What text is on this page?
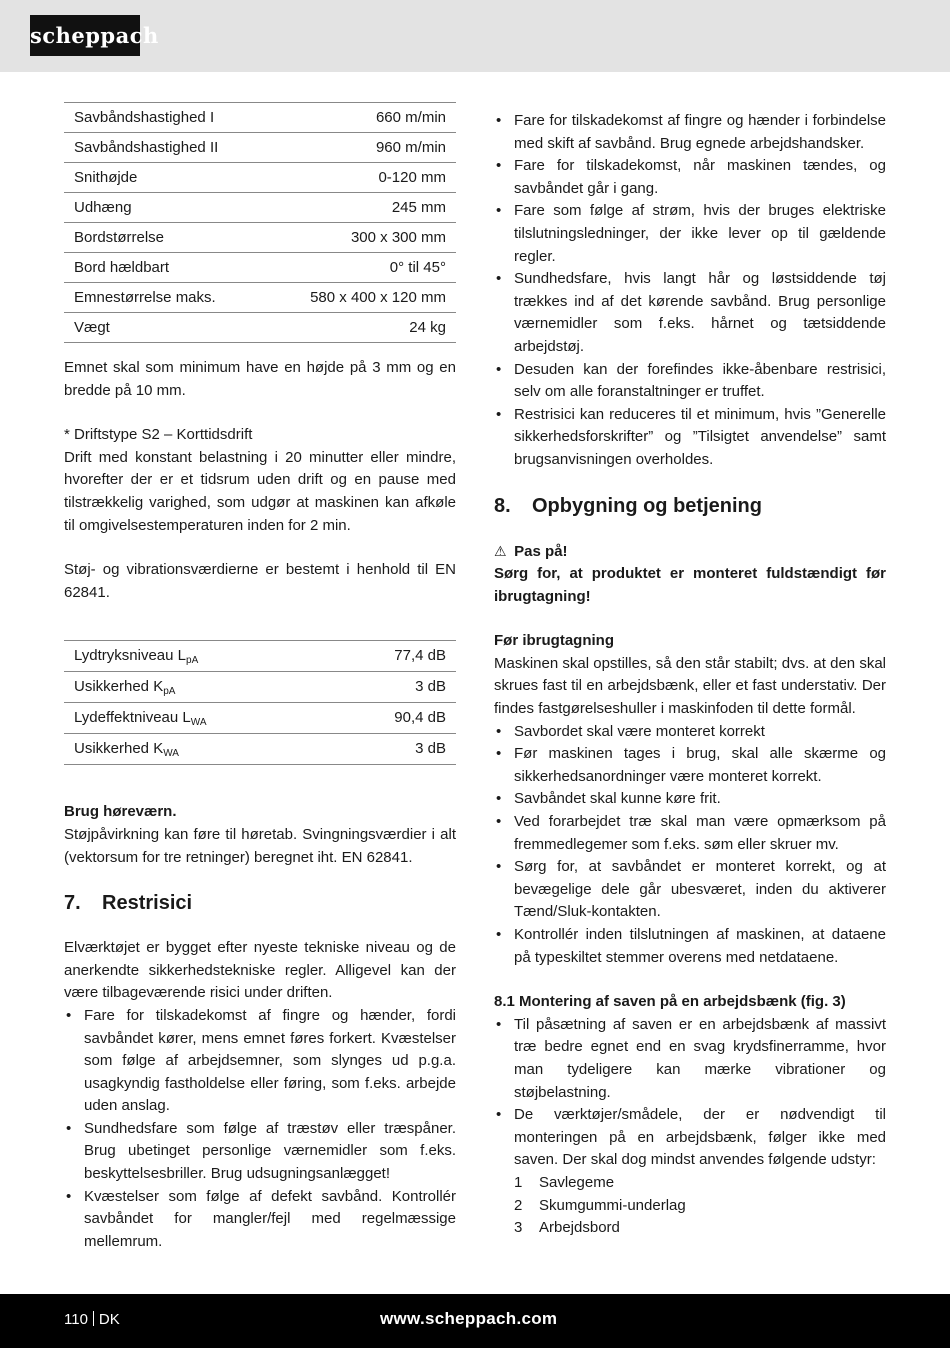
scheppach
Savbåndshastighed I	660 m/min
Savbåndshastighed II	960 m/min
Snithøjde	0-120 mm
Udhæng	245 mm
Bordstørrelse	300 x 300 mm
Bord hældbart	0° til 45°
Emnestørrelse maks.	580 x 400 x 120 mm
Vægt	24 kg

Emnet skal som minimum have en højde på 3 mm og en bredde på 10 mm.

* Driftstype S2 – Korttidsdrift

Drift med konstant belastning i 20 minutter eller mindre, hvorefter der er et tidsrum uden drift og en pause med tilstrækkelig varighed, som udgør at maskinen kan afkøle til omgivelsestemperaturen inden for 2 min.

Støj- og vibrationsværdierne er bestemt i henhold til EN 62841.

Lydtryksniveau $L_{pA}$	77,4 dB
Usikkerhed $K_{pA}$	3 dB
Lydeffektniveau $L_{WA}$	90,4 dB
Usikkerhed $K_{WA}$	3 dB

Brug høreværn.

Støjpåvirkning kan føre til høretab. Svingningsværdier i alt (vektorsum for tre retninger) beregnet iht. EN 62841.

7. Restrisici

Elværktøjet er bygget efter nyeste tekniske niveau og de anerkendte sikkerhedstekniske regler. Alligevel kan der være tilbageværende risici under driften.

• Fare for tilskadekomst af fingre og hænder, fordi savbåndet kører, mens emnet føres forkert. Kvæstelser som følge af arbejdsemner, som slynges ud p.g.a. usagkyndig fastholdelse eller føring, som f.eks. arbejde uden anslag.
• Sundhedsfare som følge af træstøv eller træspåner. Brug ubetinget personlige værnemidler som f.eks. beskyttelsesbriller. Brug udsugningsanlægget!
• Kvæstelser som følge af defekt savbånd. Kontrollér savbåndet for mangler/fejl med regelmæssige mellemrum.
• Fare for tilskadekomst af fingre og hænder i forbindelse med skift af savbånd. Brug egnede arbejdshandsker.
• Fare for tilskadekomst, når maskinen tændes, og savbåndet går i gang.
• Fare som følge af strøm, hvis der bruges elektriske tilslutningsledninger, der ikke lever op til gældende regler.
• Sundhedsfare, hvis langt hår og løstsiddende tøj trækkes ind af det kørende savbånd. Brug personlige værnemidler som f.eks. hårnet og tætsiddende arbejdstøj.
• Desuden kan der forefindes ikke-åbenbare restrisici, selv om alle foranstaltninger er truffet.
• Restrisici kan reduceres til et minimum, hvis ”Generelle sikkerhedsforskrifter” og ”Tilsigtet anvendelse” samt brugsanvisningen overholdes.
8. Opbygning og betjening

⚠ Pas på!

Sørg for, at produktet er monteret fuldstændigt før ibrugtagning!

Før ibrugtagning

Maskinen skal opstilles, så den står stabilt; dvs. at den skal skrues fast til en arbejdsbænk, eller et fast understativ. Der findes fastgørelseshuller i maskinfoden til dette formål.

• Savbordet skal være monteret korrekt
• Før maskinen tages i brug, skal alle skærme og sikkerhedsanordninger være monteret korrekt.
• Savbåndet skal kunne køre frit.
• Ved forarbejdet træ skal man være opmærksom på fremmedlegemer som f.eks. søm eller skruer mv.
• Sørg for, at savbåndet er monteret korrekt, og at bevægelige dele går ubesværet, inden du aktiverer Tænd/Sluk-kontakten.
• Kontrollér inden tilslutningen af maskinen, at dataene på typeskiltet stemmer overens med netdataene.

8.1 Montering af saven på en arbejdsbænk (fig. 3)

• Til påsætning af saven er en arbejdsbænk af massivt træ bedre egnet end en svag krydsfinerramme, hvor man tydeligere kan mærke vibrationer og støjbelastning.
• De værktøjer/smådele, der er nødvendigt til monteringen på en arbejdsbænk, følger ikke med saven. Der skal dog mindst anvendes følgende udstyr:
1 Savlegeme
2 Skumgummi-underlag
3 Arbejdsbord
110 DK	www.scheppach.com
